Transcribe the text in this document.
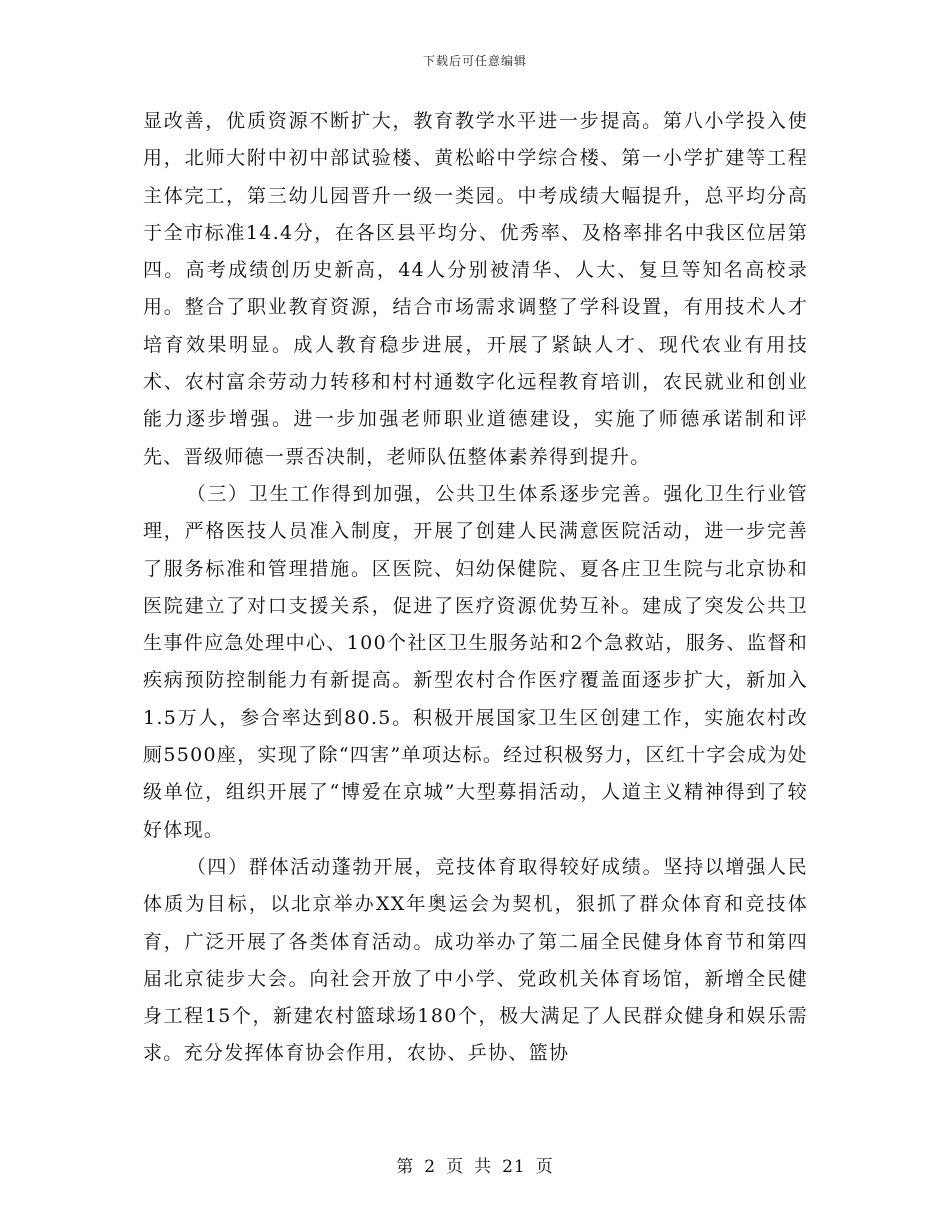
下载后可任意编辑

显改善，优质资源不断扩大，教育教学水平进一步提高。第八小学投入使用，北师大附中初中部试验楼、黄松峪中学综合楼、第一小学扩建等工程主体完工，第三幼儿园晋升一级一类园。中考成绩大幅提升，总平均分高于全市标准14.4分，在各区县平均分、优秀率、及格率排名中我区位居第四。高考成绩创历史新高，44人分别被清华、人大、复旦等知名高校录用。整合了职业教育资源，结合市场需求调整了学科设置，有用技术人才培育效果明显。成人教育稳步进展，开展了紧缺人才、现代农业有用技术、农村富余劳动力转移和村村通数字化远程教育培训，农民就业和创业能力逐步增强。进一步加强老师职业道德建设，实施了师德承诺制和评先、晋级师德一票否决制，老师队伍整体素养得到提升。

（三）卫生工作得到加强，公共卫生体系逐步完善。强化卫生行业管理，严格医技人员准入制度，开展了创建人民满意医院活动，进一步完善了服务标准和管理措施。区医院、妇幼保健院、夏各庄卫生院与北京协和医院建立了对口支援关系，促进了医疗资源优势互补。建成了突发公共卫生事件应急处理中心、100个社区卫生服务站和2个急救站，服务、监督和疾病预防控制能力有新提高。新型农村合作医疗覆盖面逐步扩大，新加入1.5万人，参合率达到80.5。积极开展国家卫生区创建工作，实施农村改厕5500座，实现了除“四害”单项达标。经过积极努力，区红十字会成为处级单位，组织开展了“博爱在京城”大型募捐活动，人道主义精神得到了较好体现。

（四）群体活动蓬勃开展，竞技体育取得较好成绩。坚持以增强人民体质为目标，以北京举办XX年奥运会为契机，狠抓了群众体育和竞技体育，广泛开展了各类体育活动。成功举办了第二届全民健身体育节和第四届北京徒步大会。向社会开放了中小学、党政机关体育场馆，新增全民健身工程15个，新建农村篮球场180个，极大满足了人民群众健身和娱乐需求。充分发挥体育协会作用，农协、乒协、篮协

第 2 页 共 21 页
